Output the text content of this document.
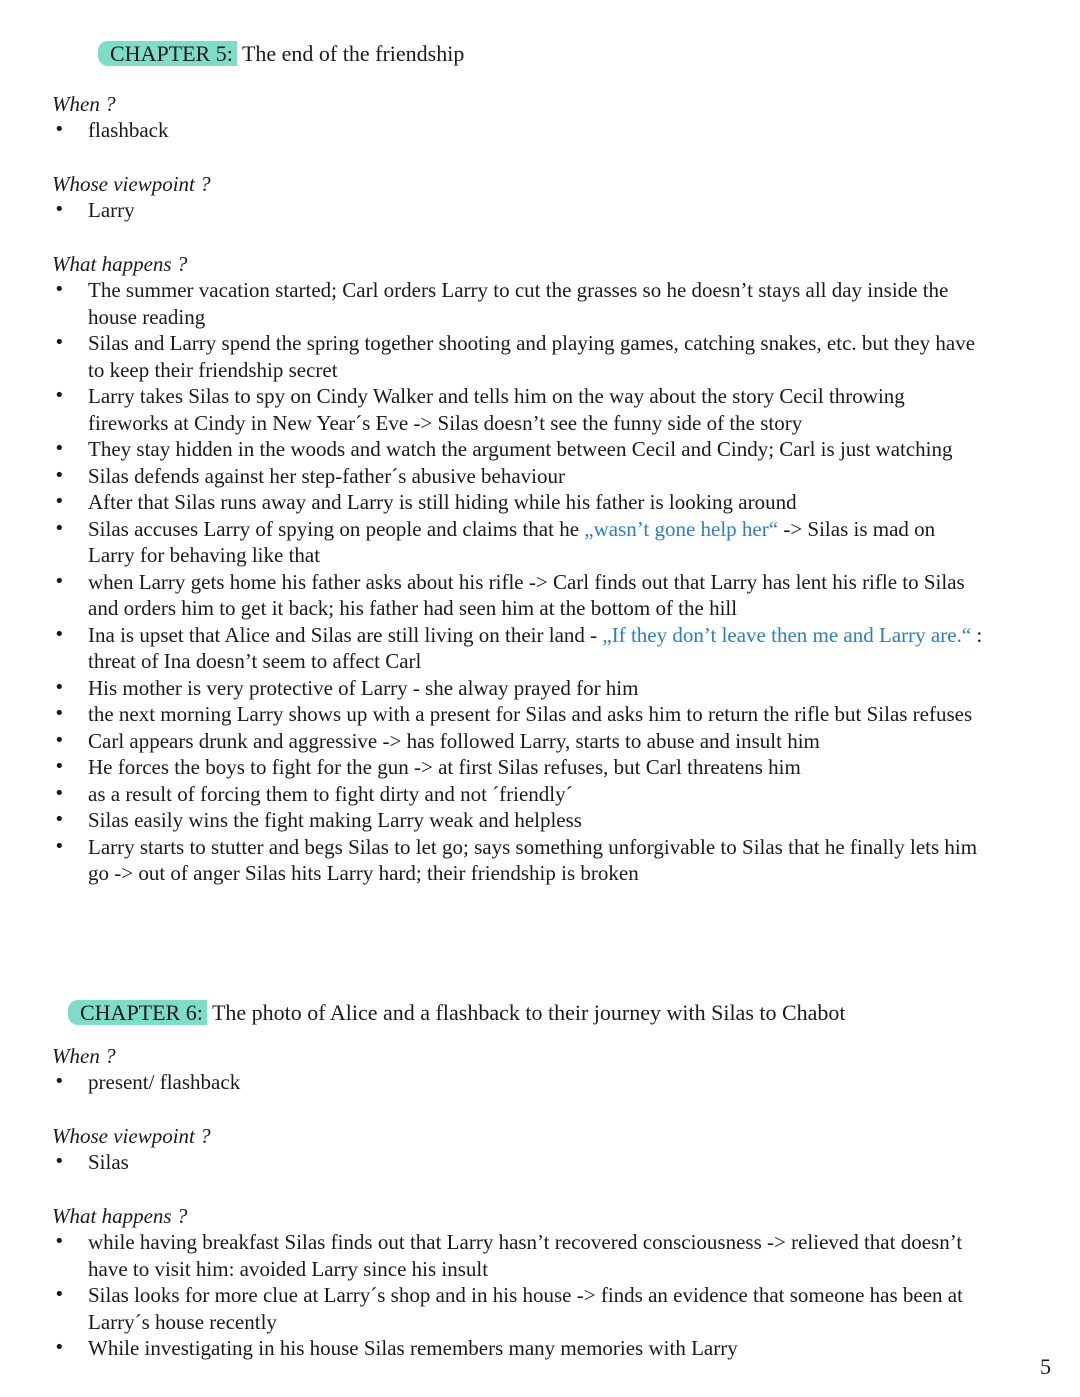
CHAPTER 5: The end of the friendship

When ?

• flashback

Whose viewpoint ?

• Larry

What happens ?

• The summer vacation started; Carl orders Larry to cut the grasses so he doesn’t stays all day inside the house reading
• Silas and Larry spend the spring together shooting and playing games, catching snakes, etc. but they have to keep their friendship secret
• Larry takes Silas to spy on Cindy Walker and tells him on the way about the story Cecil throwing fireworks at Cindy in New Year´s Eve -> Silas doesn’t see the funny side of the story
• They stay hidden in the woods and watch the argument between Cecil and Cindy; Carl is just watching
• Silas defends against her step-father´s abusive behaviour
• After that Silas runs away and Larry is still hiding while his father is looking around
• Silas accuses Larry of spying on people and claims that he „wasn’t gone help her“ -> Silas is mad on Larry for behaving like that
• when Larry gets home his father asks about his rifle -> Carl finds out that Larry has lent his rifle to Silas and orders him to get it back; his father had seen him at the bottom of the hill
• Ina is upset that Alice and Silas are still living on their land - „If they don’t leave then me and Larry are.“ : threat of Ina doesn’t seem to affect Carl
• His mother is very protective of Larry - she alway prayed for him
• the next morning Larry shows up with a present for Silas and asks him to return the rifle but Silas refuses
• Carl appears drunk and aggressive -> has followed Larry, starts to abuse and insult him
• He forces the boys to fight for the gun -> at first Silas refuses, but Carl threatens him
• as a result of forcing them to fight dirty and not ´friendly´
• Silas easily wins the fight making Larry weak and helpless
• Larry starts to stutter and begs Silas to let go; says something unforgivable to Silas that he finally lets him go -> out of anger Silas hits Larry hard; their friendship is broken
CHAPTER 6: The photo of Alice and a flashback to their journey with Silas to Chabot

When ?

• present/ flashback

Whose viewpoint ?

• Silas

What happens ?

• while having breakfast Silas finds out that Larry hasn’t recovered consciousness -> relieved that doesn’t have to visit him: avoided Larry since his insult
• Silas looks for more clue at Larry´s shop and in his house -> finds an evidence that someone has been at Larry´s house recently
• While investigating in his house Silas remembers many memories with Larry
5
